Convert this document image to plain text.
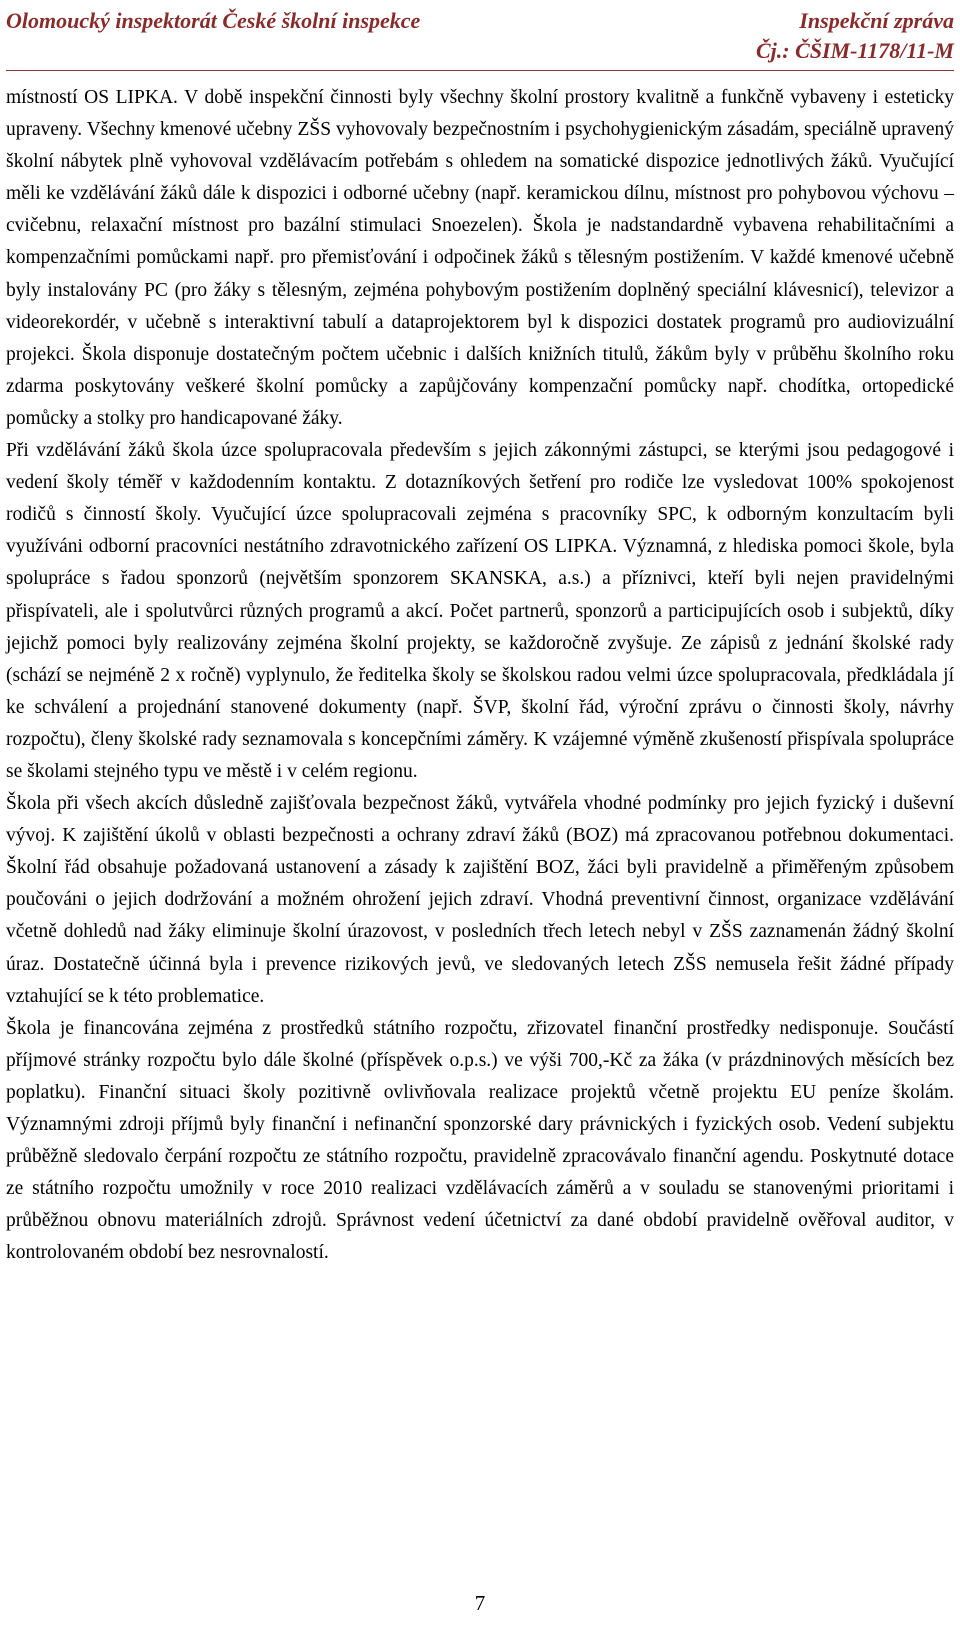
Olomoucký inspektorát České školní inspekce	Inspekční zpráva
Čj.: ČŠIM-1178/11-M

místností OS LIPKA. V době inspekční činnosti byly všechny školní prostory kvalitně a funkčně vybaveny i esteticky upraveny. Všechny kmenové učebny ZŠS vyhovovaly bezpečnostním i psychohygienickým zásadám, speciálně upravený školní nábytek plně vyhovoval vzdělávacím potřebám s ohledem na somatické dispozice jednotlivých žáků. Vyučující měli ke vzdělávání žáků dále k dispozici i odborné učebny (např. keramickou dílnu, místnost pro pohybovou výchovu – cvičebnu, relaxační místnost pro bazální stimulaci Snoezelen). Škola je nadstandardně vybavena rehabilitačními a kompenzačními pomůckami např. pro přemisťování i odpočinek žáků s tělesným postižením. V každé kmenové učebně byly instalovány PC (pro žáky s tělesným, zejména pohybovým postižením doplněný speciální klávesnicí), televizor a videorekordér, v učebně s interaktivní tabulí a dataprojektorem byl k dispozici dostatek programů pro audiovizuální projekci. Škola disponuje dostatečným počtem učebnic i dalších knižních titulů, žákům byly v průběhu školního roku zdarma poskytovány veškeré školní pomůcky a zapůjčovány kompenzační pomůcky např. chodítka, ortopedické pomůcky a stolky pro handicapované žáky.

Při vzdělávání žáků škola úzce spolupracovala především s jejich zákonnými zástupci, se kterými jsou pedagogové i vedení školy téměř v každodenním kontaktu. Z dotazníkových šetření pro rodiče lze vysledovat 100% spokojenost rodičů s činností školy. Vyučující úzce spolupracovali zejména s pracovníky SPC, k odborným konzultacím byli využíváni odborní pracovníci nestátního zdravotnického zařízení OS LIPKA. Významná, z hlediska pomoci škole, byla spolupráce s řadou sponzorů (největším sponzorem SKANSKA, a.s.) a příznivci, kteří byli nejen pravidelnými přispívateli, ale i spolutvůrci různých programů a akcí. Počet partnerů, sponzorů a participujících osob i subjektů, díky jejichž pomoci byly realizovány zejména školní projekty, se každoročně zvyšuje. Ze zápisů z jednání školské rady (schází se nejméně 2 x ročně) vyplynulo, že ředitelka školy se školskou radou velmi úzce spolupracovala, předkládala jí ke schválení a projednání stanovené dokumenty (např. ŠVP, školní řád, výroční zprávu o činnosti školy, návrhy rozpočtu), členy školské rady seznamovala s koncepčními záměry. K vzájemné výměně zkušeností přispívala spolupráce se školami stejného typu ve městě i v celém regionu.

Škola při všech akcích důsledně zajišťovala bezpečnost žáků, vytvářela vhodné podmínky pro jejich fyzický i duševní vývoj. K zajištění úkolů v oblasti bezpečnosti a ochrany zdraví žáků (BOZ) má zpracovanou potřebnou dokumentaci. Školní řád obsahuje požadovaná ustanovení a zásady k zajištění BOZ, žáci byli pravidelně a přiměřeným způsobem poučováni o jejich dodržování a možném ohrožení jejich zdraví. Vhodná preventivní činnost, organizace vzdělávání včetně dohledů nad žáky eliminuje školní úrazovost, v posledních třech letech nebyl v ZŠS zaznamenán žádný školní úraz. Dostatečně účinná byla i prevence rizikových jevů, ve sledovaných letech ZŠS nemusela řešit žádné případy vztahující se k této problematice.

Škola je financována zejména z prostředků státního rozpočtu, zřizovatel finanční prostředky nedisponuje. Součástí příjmové stránky rozpočtu bylo dále školné (příspěvek o.p.s.) ve výši 700,-Kč za žáka (v prázdninových měsících bez poplatku). Finanční situaci školy pozitivně ovlivňovala realizace projektů včetně projektu EU peníze školám. Významnými zdroji příjmů byly finanční i nefinanční sponzorské dary právnických i fyzických osob. Vedení subjektu průběžně sledovalo čerpání rozpočtu ze státního rozpočtu, pravidelně zpracovávalo finanční agendu. Poskytnuté dotace ze státního rozpočtu umožnily v roce 2010 realizaci vzdělávacích záměrů a v souladu se stanovenými prioritami i průběžnou obnovu materiálních zdrojů. Správnost vedení účetnictví za dané období pravidelně ověřoval auditor, v kontrolovaném období bez nesrovnalostí.

7
